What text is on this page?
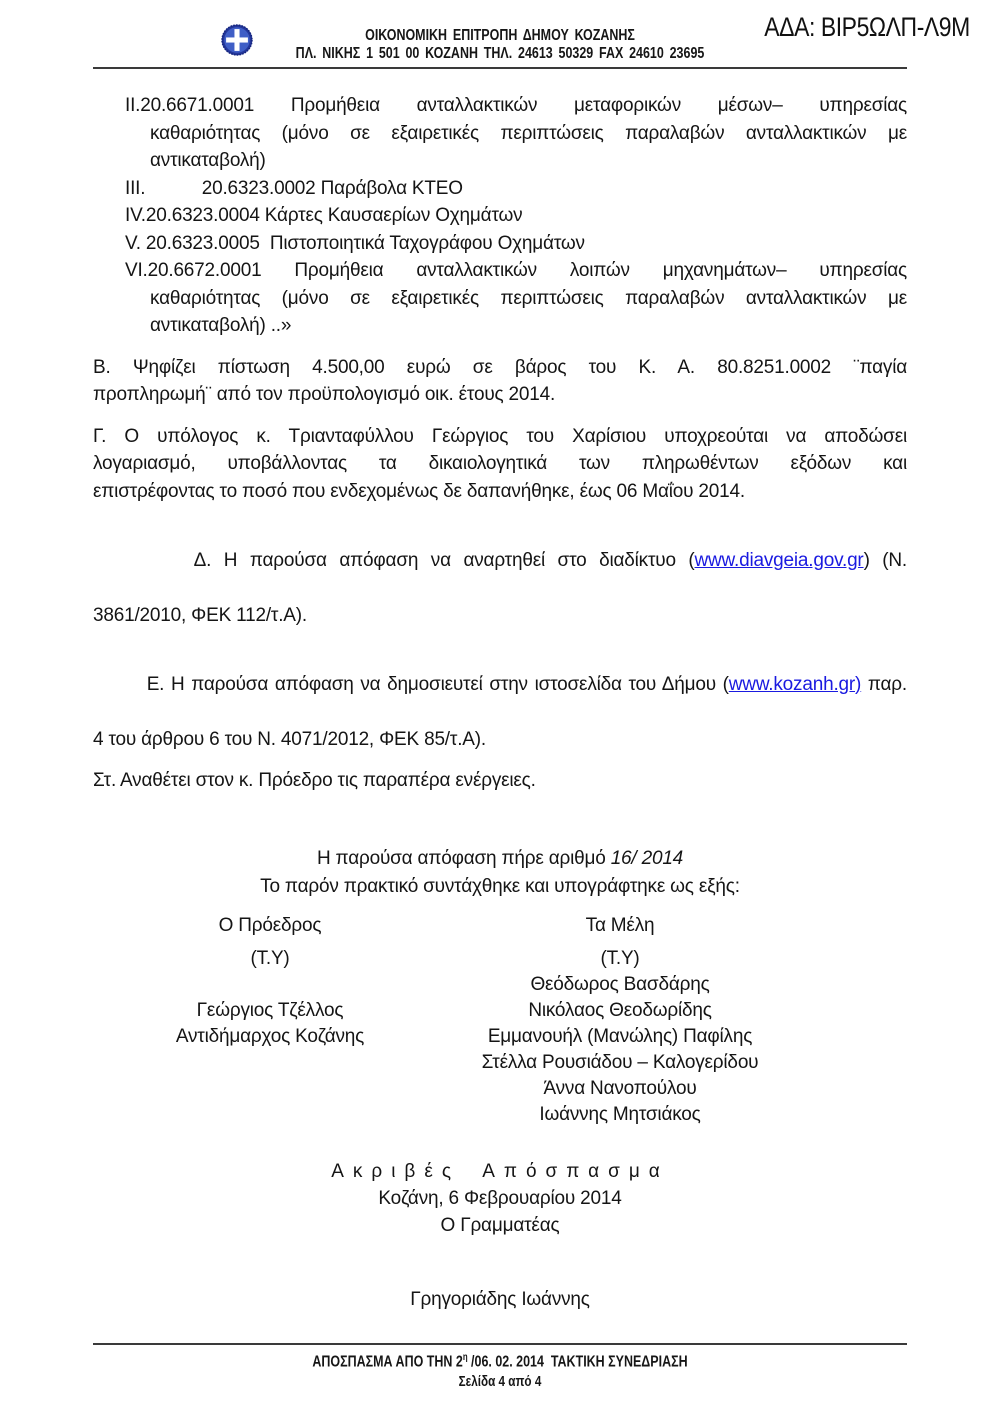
ΑΔΑ: ΒΙΡ5ΩΛΠ-Λ9Μ
ΟΙΚΟΝΟΜΙΚΗ ΕΠΙΤΡΟΠΗ ΔΗΜΟΥ ΚΟΖΑΝΗΣ
ΠΛ. ΝΙΚΗΣ 1 501 00 ΚΟΖΑΝΗ ΤΗΛ. 24613 50329 FAX 24610 23695
ΙΙ.20.6671.0001 Προμήθεια ανταλλακτικών μεταφορικών μέσων– υπηρεσίας
καθαριότητας (μόνο σε εξαιρετικές περιπτώσεις παραλαβών ανταλλακτικών με
αντικαταβολή)
ΙΙΙ.   20.6323.0002 Παράβολα ΚΤΕΟ
ΙV.20.6323.0004 Κάρτες Καυσαερίων Οχημάτων
V. 20.6323.0005  Πιστοποιητικά Ταχογράφου Οχημάτων
VΙ.20.6672.0001 Προμήθεια ανταλλακτικών λοιπών μηχανημάτων– υπηρεσίας
καθαριότητας (μόνο σε εξαιρετικές περιπτώσεις παραλαβών ανταλλακτικών με
αντικαταβολή) ..»
Β. Ψηφίζει πίστωση 4.500,00 ευρώ σε βάρος του Κ. Α. 80.8251.0002 ¨παγία
προπληρωμή¨ από τον προϋπολογισμό οικ. έτους 2014.
Γ. Ο υπόλογος κ. Τριανταφύλλου Γεώργιος του Χαρίσιου υποχρεούται να αποδώσει
λογαριασμό, υποβάλλοντας τα δικαιολογητικά των πληρωθέντων εξόδων και
επιστρέφοντας το ποσό που ενδεχομένως δε δαπανήθηκε, έως 06 Μαΐου 2014.

Δ. Η παρούσα απόφαση να αναρτηθεί στο διαδίκτυο (www.diavgeia.gov.gr) (Ν.

3861/2010, ΦΕΚ 112/τ.Α).

Ε. Η παρούσα απόφαση να δημοσιευτεί στην ιστοσελίδα του Δήμου (www.kozanh.gr) παρ.

4 του άρθρου 6 του Ν. 4071/2012, ΦΕΚ 85/τ.Α).
Στ. Αναθέτει στον κ. Πρόεδρο τις παραπέρα ενέργειες.
Η παρούσα απόφαση πήρε αριθμό 16/ 2014
Το παρόν πρακτικό συντάχθηκε και υπογράφτηκε ως εξής:
Ο Πρόεδρος
(Τ.Υ)
Γεώργιος Τζέλλος
Αντιδήμαρχος Κοζάνης
Τα Μέλη
(Τ.Υ)
Θεόδωρος Βασδάρης
Νικόλαος Θεοδωρίδης
Εμμανουήλ (Μανώλης) Παφίλης
Στέλλα Ρουσιάδου – Καλογερίδου
Άννα Νανοπούλου
Ιωάννης Μητσιάκος
Ακριβές Απόσπασμα
Κοζάνη, 6 Φεβρουαρίου 2014
Ο Γραμματέας
Γρηγοριάδης Ιωάννης
ΑΠΟΣΠΑΣΜΑ ΑΠΟ ΤΗΝ $2^\eta$ /06. 02. 2014  ΤΑΚΤΙΚΗ ΣΥΝΕΔΡΙΑΣΗ
Σελίδα 4 από 4
